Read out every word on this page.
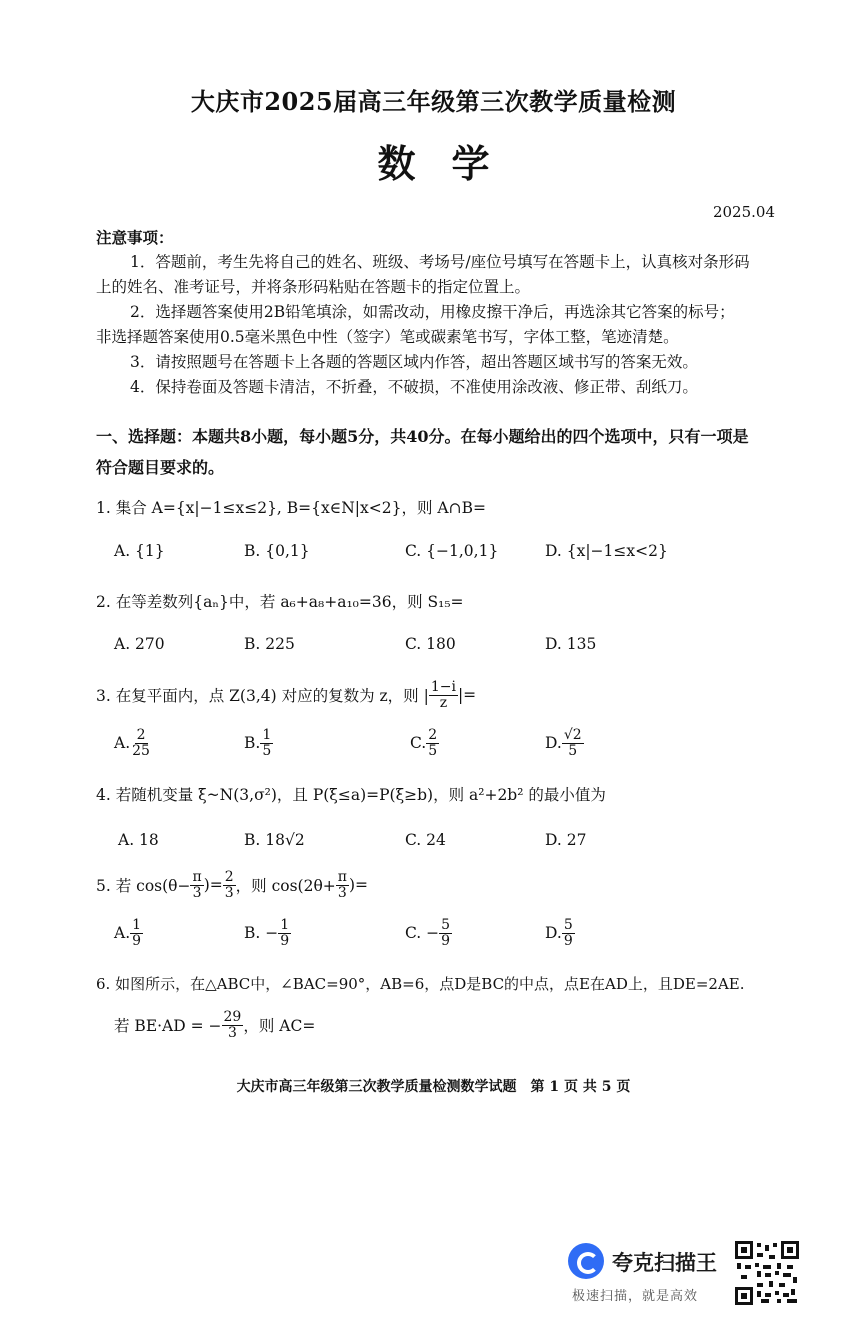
大庆市2025届高三年级第三次教学质量检测
数学
2025.04
注意事项：
1．答题前，考生先将自己的姓名、班级、考场号/座位号填写在答题卡上，认真核对条形码
上的姓名、准考证号，并将条形码粘贴在答题卡的指定位置上。
2．选择题答案使用2B铅笔填涂，如需改动，用橡皮擦干净后，再选涂其它答案的标号；
非选择题答案使用0.5毫米黑色中性（签字）笔或碳素笔书写，字体工整，笔迹清楚。
3．请按照题号在答题卡上各题的答题区域内作答，超出答题区域书写的答案无效。
4．保持卷面及答题卡清洁，不折叠，不破损，不准使用涂改液、修正带、刮纸刀。
一、选择题：本题共8小题，每小题5分，共40分。在每小题给出的四个选项中，只有一项是
符合题目要求的。
1. 集合 A={x|−1≤x≤2}, B={x∈N|x<2}，则 A∩B=
A. {1}	B. {0,1}	C. {−1,0,1}	D. {x|−1≤x<2}
2. 在等差数列{aₙ}中，若 a₆+a₈+a₁₀=36，则 S₁₅=
A. 270	B. 225	C. 180	D. 135
3. 在复平面内，点 Z(3,4) 对应的复数为 z，则 | $\frac{1-i}{z}$ |=
A. $\frac{2}{25}$	B. $\frac{1}{5}$	C. $\frac{2}{5}$	D. $\frac{√2}{5}$
4. 若随机变量 ξ~N(3,σ²)，且 P(ξ≤a)=P(ξ≥b)，则 a²+2b² 的最小值为
A. 18	B. 18√2	C. 24	D. 27
5. 若 $\cos(\theta- \frac{\pi}{3}$ )= $\frac{2}{3}$ ，则 $\cos(2\theta+ \frac{\pi}{3}$ )=
A. $\frac{1}{9}$	B. − $\frac{1}{9}$	C. − $\frac{5}{9}$	D. $\frac{5}{9}$
6. 如图所示，在△ABC中，∠BAC=90°，AB=6，点D是BC的中点，点E在AD上，且DE=2AE.
若 BE·AD = − $\frac{29}{3}$ ，则 AC=
大庆市高三年级第三次教学质量检测数学试题　第 1 页 共 5 页
夸克扫描王
极速扫描，就是高效
